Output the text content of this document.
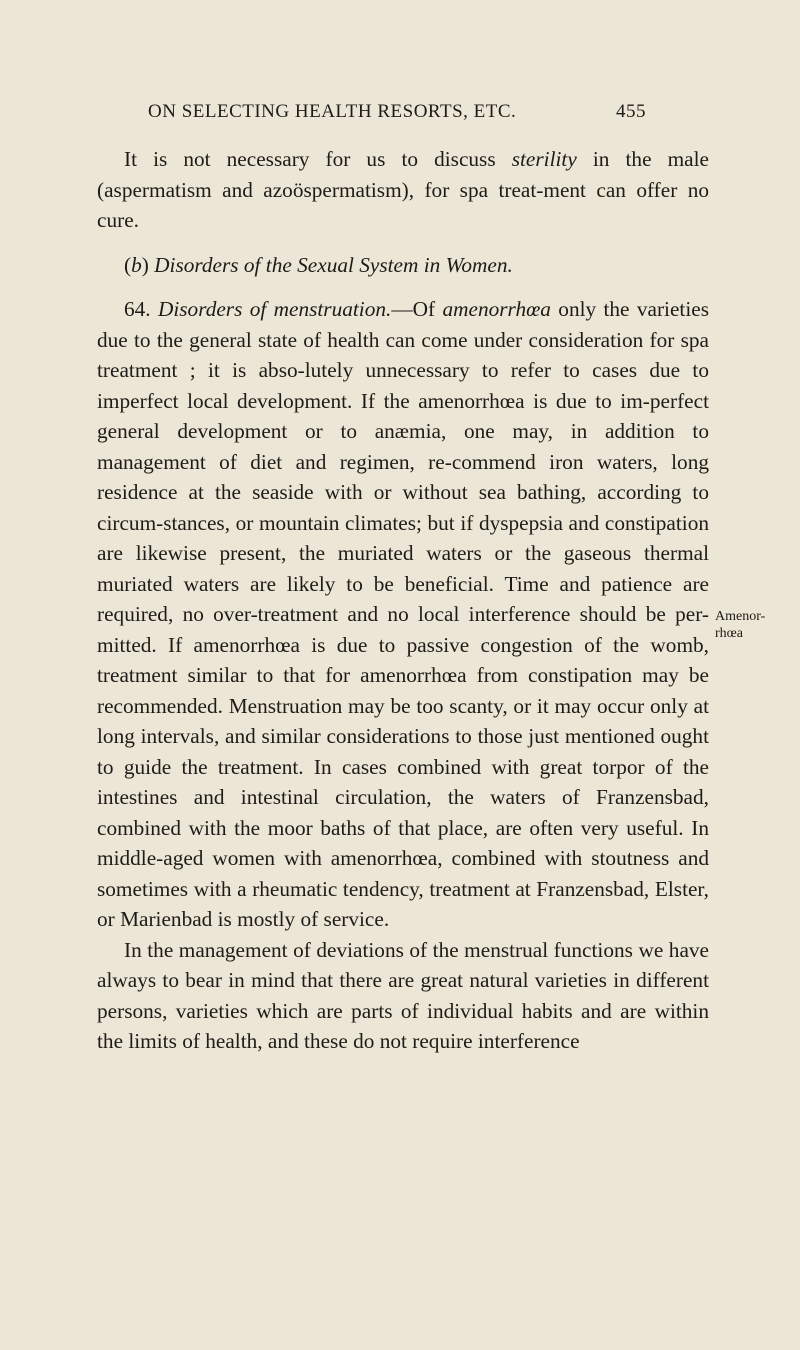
ON SELECTING HEALTH RESORTS, ETC.	455

It is not necessary for us to discuss sterility in the male (aspermatism and azoöspermatism), for spa treat-ment can offer no cure.

(b) Disorders of the Sexual System in Women.

64. Disorders of menstruation.—Of amenorrhœa only the varieties due to the general state of health can come under consideration for spa treatment ; it is abso-lutely unnecessary to refer to cases due to imperfect local development. If the amenorrhœa is due to im-perfect general development or to anæmia, one may, in addition to management of diet and regimen, re-commend iron waters, long residence at the seaside with or without sea bathing, according to circum-stances, or mountain climates; but if dyspepsia and constipation are likewise present, the muriated waters or the gaseous thermal muriated waters are likely to be beneficial. Time and patience are required, no over-treatment and no local interference should be per-mitted. If amenorrhœa is due to passive congestion of the womb, treatment similar to that for amenorrhœa from constipation may be recommended. Menstruation may be too scanty, or it may occur only at long intervals, and similar considerations to those just mentioned ought to guide the treatment. In cases combined with great torpor of the intestines and intestinal circulation, the waters of Franzensbad, combined with the moor baths of that place, are often very useful. In middle-aged women with amenorrhœa, combined with stoutness and sometimes with a rheumatic tendency, treatment at Franzensbad, Elster, or Marienbad is mostly of service.

In the management of deviations of the menstrual functions we have always to bear in mind that there are great natural varieties in different persons, varieties which are parts of individual habits and are within the limits of health, and these do not require interference

Amenor-
rhœa
